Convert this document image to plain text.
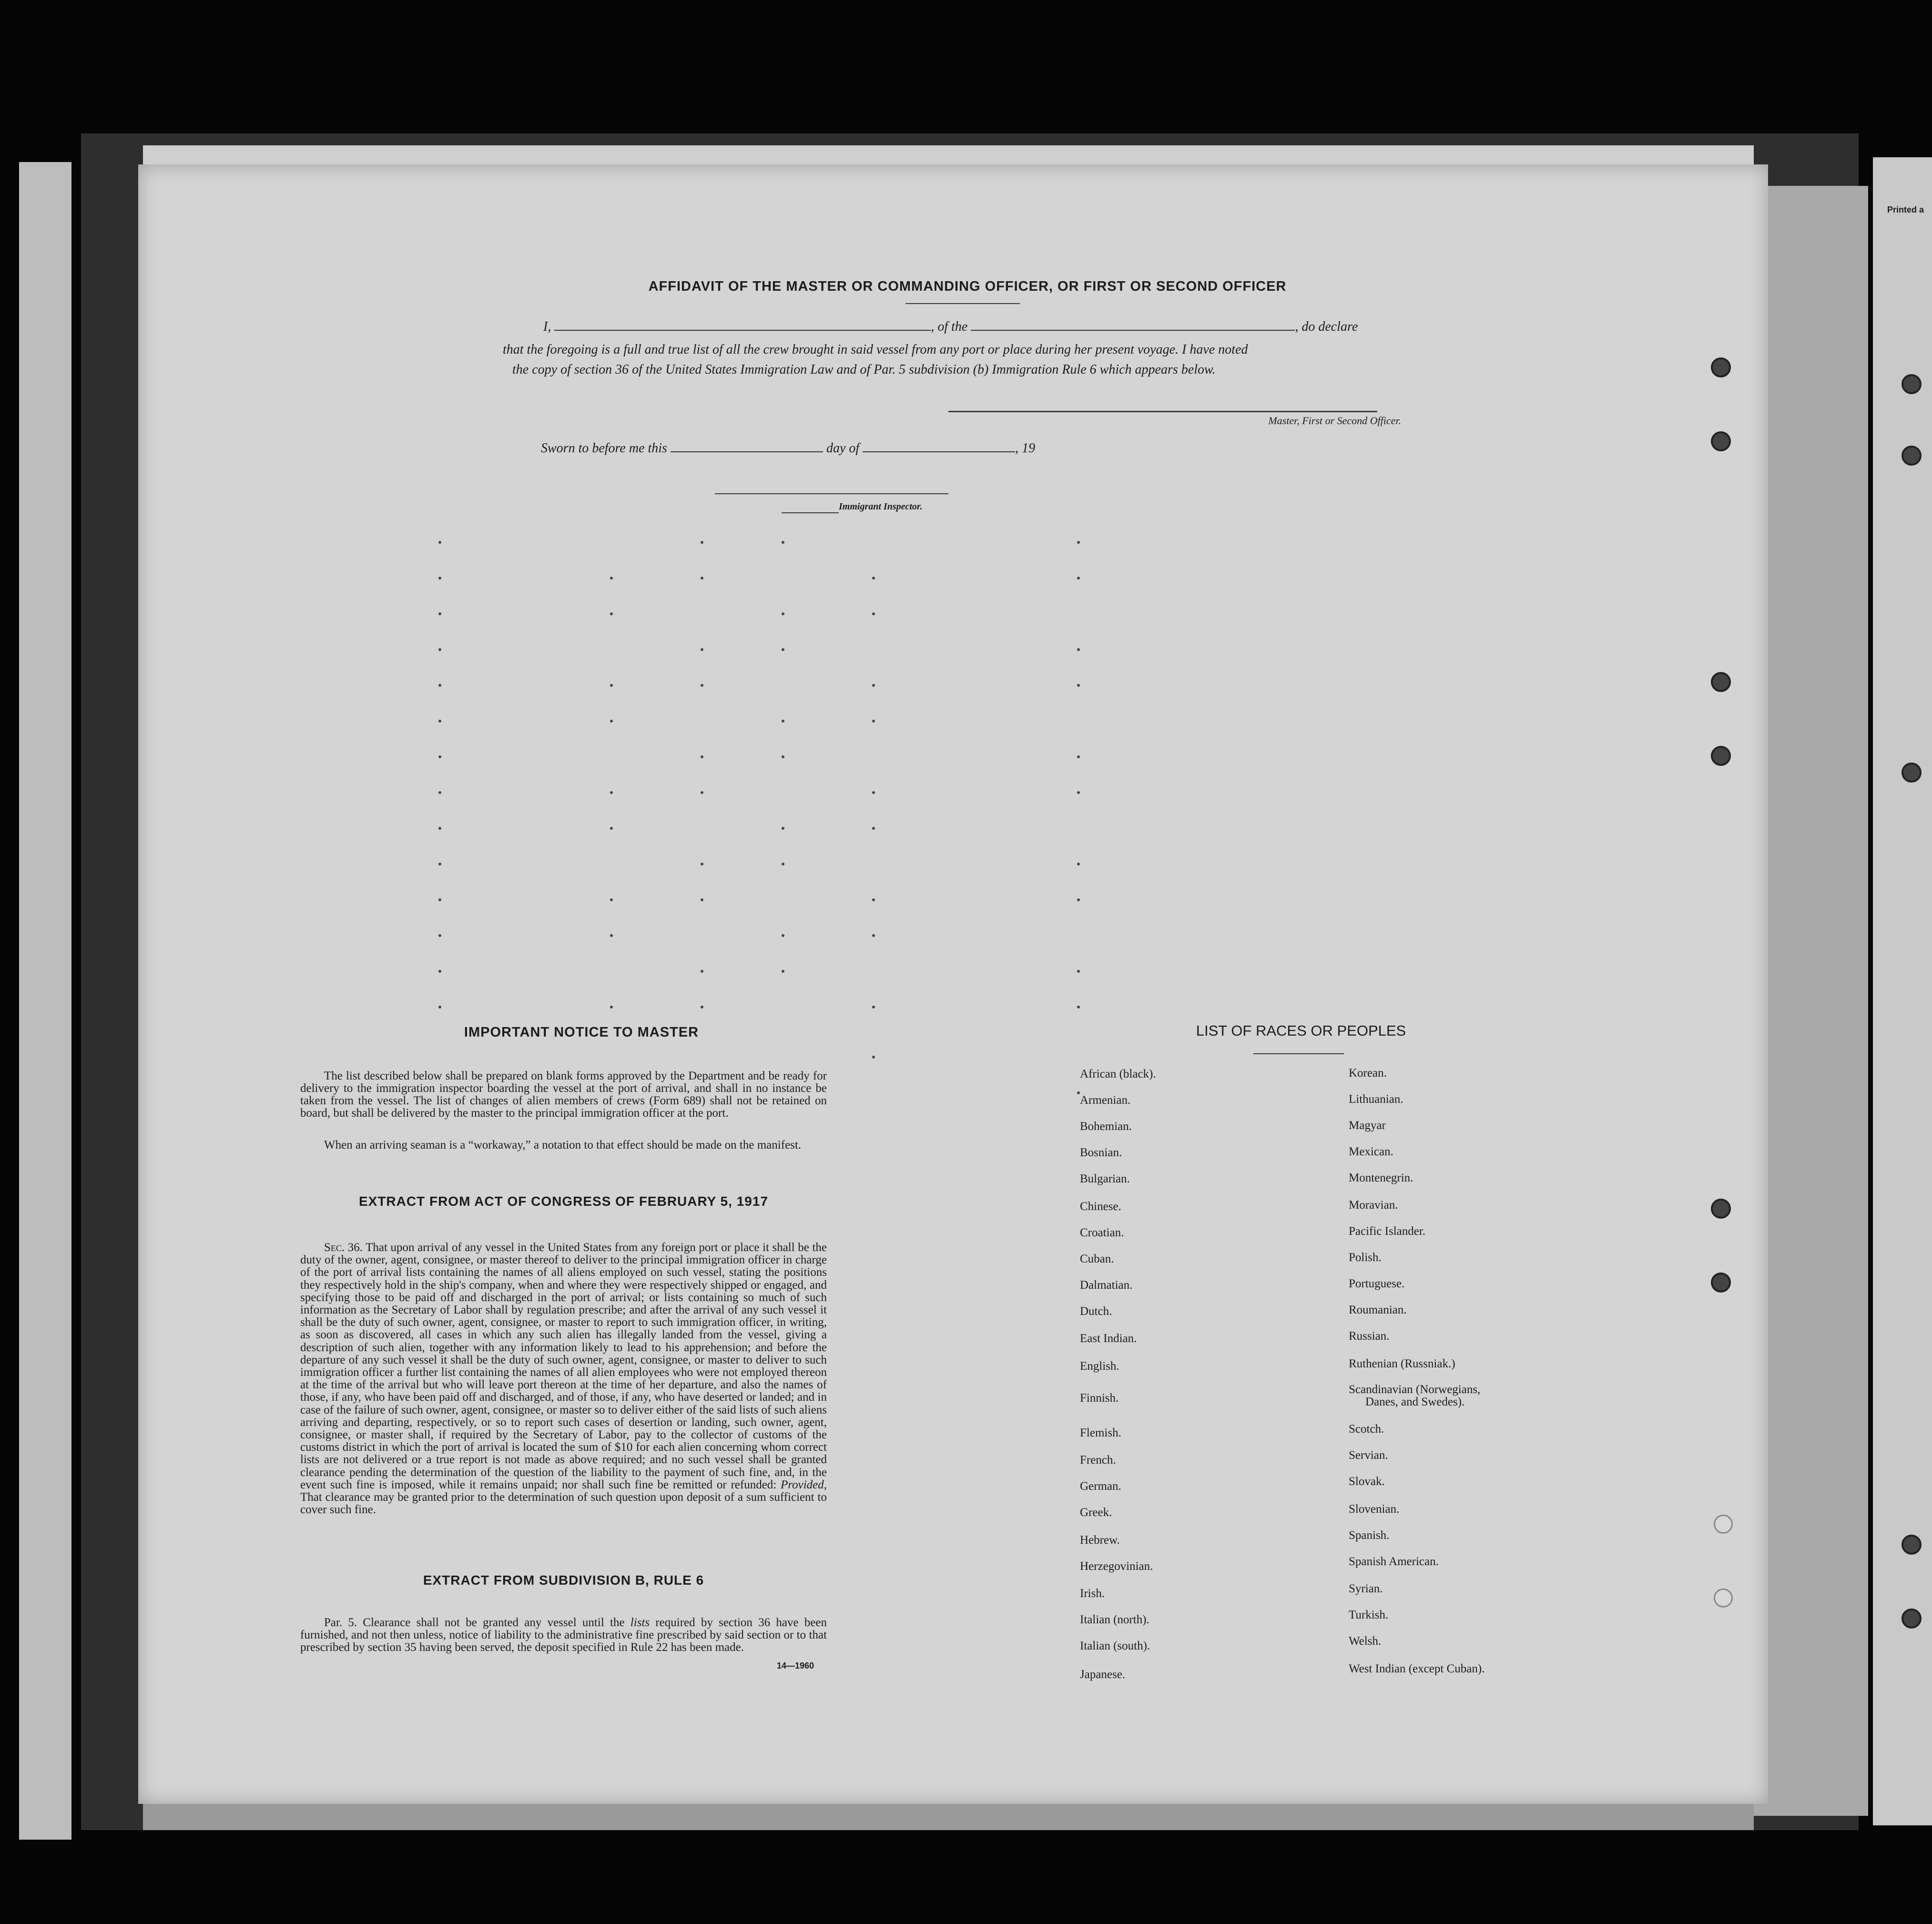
Printed a
AFFIDAVIT OF THE MASTER OR COMMANDING OFFICER, OR FIRST OR SECOND OFFICER
I,	, of the	, do declare
that the foregoing is a full and true list of all the crew brought in said vessel from any port or place during her present voyage. I have noted
the copy of section 36 of the United States Immigration Law and of Par. 5 subdivision (b) Immigration Rule 6 which appears below.
Master, First or Second Officer.
Sworn to before me this	day of	, 19
Immigrant Inspector.
IMPORTANT NOTICE TO MASTER
The list described below shall be prepared on blank forms approved by the Department and be ready for delivery to the immigration inspector boarding the vessel at the port of arrival, and shall in no instance be taken from the vessel. The list of changes of alien members of crews (Form 689) shall not be retained on board, but shall be delivered by the master to the principal immigration officer at the port.
When an arriving seaman is a “workaway,” a notation to that effect should be made on the manifest.
EXTRACT FROM ACT OF CONGRESS OF FEBRUARY 5, 1917
Sec. 36. That upon arrival of any vessel in the United States from any foreign port or place it shall be the duty of the owner, agent, consignee, or master thereof to deliver to the principal immigration officer in charge of the port of arrival lists containing the names of all aliens employed on such vessel, stating the positions they respectively hold in the ship's company, when and where they were respectively shipped or engaged, and specifying those to be paid off and discharged in the port of arrival; or lists containing so much of such information as the Secretary of Labor shall by regulation prescribe; and after the arrival of any such vessel it shall be the duty of such owner, agent, consignee, or master to report to such immigration officer, in writing, as soon as discovered, all cases in which any such alien has illegally landed from the vessel, giving a description of such alien, together with any information likely to lead to his apprehension; and before the departure of any such vessel it shall be the duty of such owner, agent, consignee, or master to deliver to such immigration officer a further list containing the names of all alien employees who were not employed thereon at the time of the arrival but who will leave port thereon at the time of her departure, and also the names of those, if any, who have been paid off and discharged, and of those, if any, who have deserted or landed; and in case of the failure of such owner, agent, consignee, or master so to deliver either of the said lists of such aliens arriving and departing, respectively, or so to report such cases of desertion or landing, such owner, agent, consignee, or master shall, if required by the Secretary of Labor, pay to the collector of customs of the customs district in which the port of arrival is located the sum of $10 for each alien concerning whom correct lists are not delivered or a true report is not made as above required; and no such vessel shall be granted clearance pending the determination of the question of the liability to the payment of such fine, and, in the event such fine is imposed, while it remains unpaid; nor shall such fine be remitted or refunded: Provided, That clearance may be granted prior to the determination of such question upon deposit of a sum sufficient to cover such fine.
EXTRACT FROM SUBDIVISION B, RULE 6
Par. 5. Clearance shall not be granted any vessel until the lists required by section 36 have been furnished, and not then unless, notice of liability to the administrative fine prescribed by said section or to that prescribed by section 35 having been served, the deposit specified in Rule 22 has been made.
14—1960
LIST OF RACES OR PEOPLES
African (black).
Armenian.
Bohemian.
Bosnian.
Bulgarian.
Chinese.
Croatian.
Cuban.
Dalmatian.
Dutch.
East Indian.
English.
Finnish.
Flemish.
French.
German.
Greek.
Hebrew.
Herzegovinian.
Irish.
Italian (north).
Italian (south).
Japanese.
Korean.
Lithuanian.
Magyar
Mexican.
Montenegrin.
Moravian.
Pacific Islander.
Polish.
Portuguese.
Roumanian.
Russian.
Ruthenian (Russniak.)
Scandinavian (Norwegians,
Danes, and Swedes).
Scotch.
Servian.
Slovak.
Slovenian.
Spanish.
Spanish American.
Syrian.
Turkish.
Welsh.
West Indian (except Cuban).
